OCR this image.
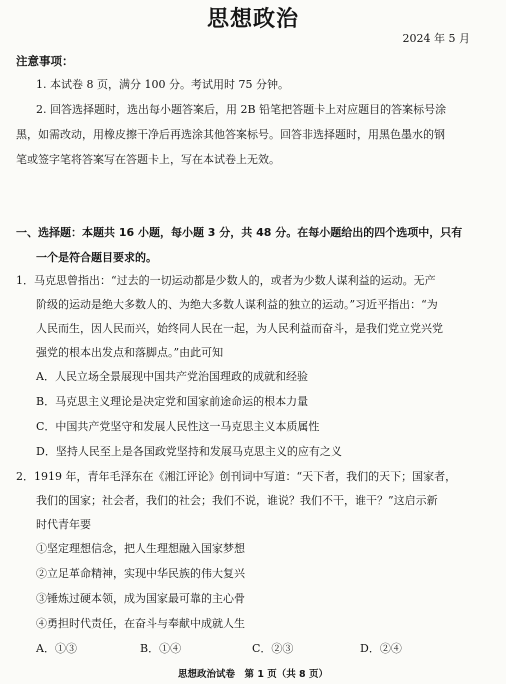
思想政治
2024 年 5 月
注意事项：
1. 本试卷 8 页，满分 100 分。考试用时 75 分钟。
2. 回答选择题时，选出每小题答案后，用 2B 铅笔把答题卡上对应题目的答案标号涂
黑，如需改动，用橡皮擦干净后再选涂其他答案标号。回答非选择题时，用黑色墨水的钢
笔或签字笔将答案写在答题卡上，写在本试卷上无效。
一、选择题：本题共 16 小题，每小题 3 分，共 48 分。在每小题给出的四个选项中，只有
一个是符合题目要求的。
1．马克思曾指出：“过去的一切运动都是少数人的，或者为少数人谋利益的运动。无产
阶级的运动是绝大多数人的、为绝大多数人谋利益的独立的运动。”习近平指出：“为
人民而生，因人民而兴，始终同人民在一起，为人民利益而奋斗，是我们党立党兴党
强党的根本出发点和落脚点。”由此可知
A．人民立场全景展现中国共产党治国理政的成就和经验
B．马克思主义理论是决定党和国家前途命运的根本力量
C．中国共产党坚守和发展人民性这一马克思主义本质属性
D．坚持人民至上是各国政党坚持和发展马克思主义的应有之义
2．1919 年，青年毛泽东在《湘江评论》创刊词中写道：“天下者，我们的天下；国家者，
我们的国家；社会者，我们的社会；我们不说，谁说？我们不干，谁干？”这启示新
时代青年要
①坚定理想信念，把人生理想融入国家梦想
②立足革命精神，实现中华民族的伟大复兴
③锤炼过硬本领，成为国家最可靠的主心骨
④勇担时代责任，在奋斗与奉献中成就人生
A．①③	B．①④	C．②③	D．②④
思想政治试卷　第 1 页（共 8 页）
